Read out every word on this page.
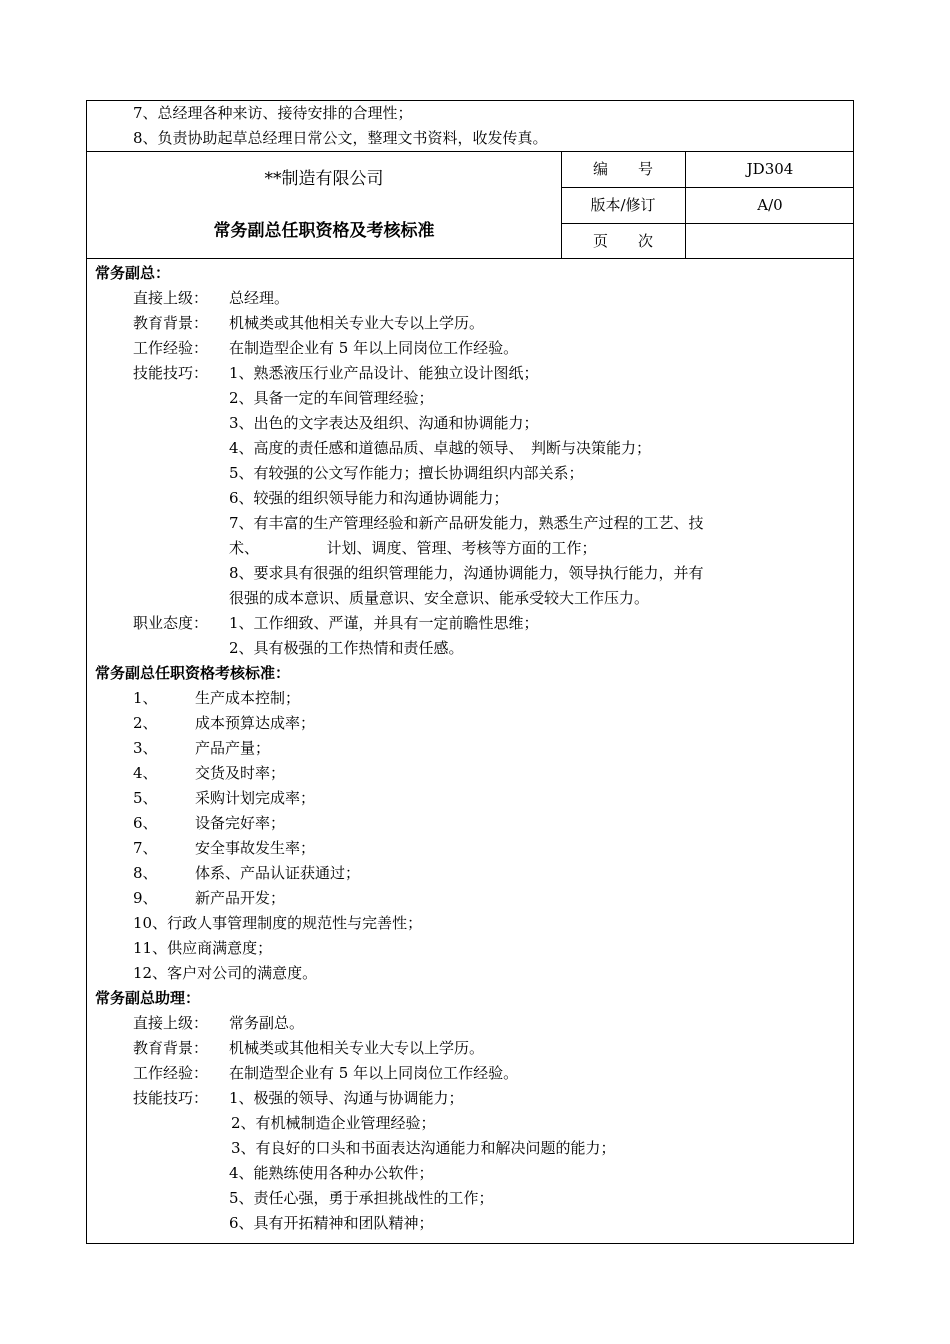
7、总经理各种来访、接待安排的合理性；
8、负责协助起草总经理日常公文，整理文书资料，收发传真。
**制造有限公司
常务副总任职资格及考核标准
编　　号	JD304
版本/修订	A/0
页　　次
常务副总：
直接上级： 总经理。
教育背景： 机械类或其他相关专业大专以上学历。
工作经验： 在制造型企业有 5 年以上同岗位工作经验。
技能技巧： 1、熟悉液压行业产品设计、能独立设计图纸；
2、具备一定的车间管理经验；
3、出色的文字表达及组织、沟通和协调能力；
4、高度的责任感和道德品质、卓越的领导、　判断与决策能力；
5、有较强的公文写作能力；擅长协调组织内部关系；
6、较强的组织领导能力和沟通协调能力；
7、有丰富的生产管理经验和新产品研发能力，熟悉生产过程的工艺、技
术、　　　　　计划、调度、管理、考核等方面的工作；
8、要求具有很强的组织管理能力，沟通协调能力，领导执行能力，并有
很强的成本意识、质量意识、安全意识、能承受较大工作压力。
职业态度： 1、工作细致、严谨，并具有一定前瞻性思维；
2、具有极强的工作热情和责任感。
常务副总任职资格考核标准：
1、 生产成本控制；
2、 成本预算达成率；
3、 产品产量；
4、 交货及时率；
5、 采购计划完成率；
6、 设备完好率；
7、 安全事故发生率；
8、 体系、产品认证获通过；
9、 新产品开发；
10、行政人事管理制度的规范性与完善性；
11、供应商满意度；
12、客户对公司的满意度。
常务副总助理：
直接上级： 常务副总。
教育背景： 机械类或其他相关专业大专以上学历。
工作经验： 在制造型企业有 5 年以上同岗位工作经验。
技能技巧： 1、极强的领导、沟通与协调能力；
2、有机械制造企业管理经验；
3、有良好的口头和书面表达沟通能力和解决问题的能力；
4、能熟练使用各种办公软件；
5、责任心强，勇于承担挑战性的工作；
6、具有开拓精神和团队精神；
